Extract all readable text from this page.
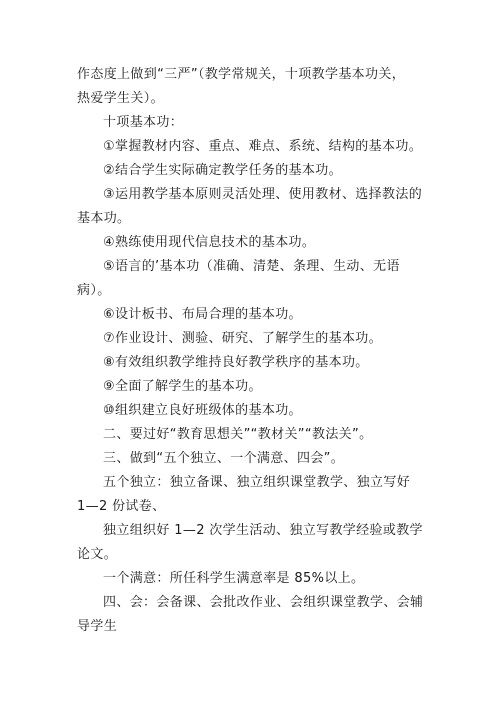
作态度上做到“三严”（教学常规关，十项教学基本功关，
热爱学生关）。
十项基本功：
①掌握教材内容、重点、难点、系统、结构的基本功。
②结合学生实际确定教学任务的基本功。
③运用教学基本原则灵活处理、使用教材、选择教法的
基本功。
④熟练使用现代信息技术的基本功。
⑤语言的’基本功（准确、清楚、条理、生动、无语
病）。
⑥设计板书、布局合理的基本功。
⑦作业设计、测验、研究、了解学生的基本功。
⑧有效组织教学维持良好教学秩序的基本功。
⑨全面了解学生的基本功。
⑩组织建立良好班级体的基本功。
二、要过好“教育思想关”“教材关”“教法关”。
三、做到“五个独立、一个满意、四会”。
五个独立：独立备课、独立组织课堂教学、独立写好
1—2 份试卷、
独立组织好 1—2 次学生活动、独立写教学经验或教学
论文。
一个满意：所任科学生满意率是 85%以上。
四、会：会备课、会批改作业、会组织课堂教学、会辅
导学生
